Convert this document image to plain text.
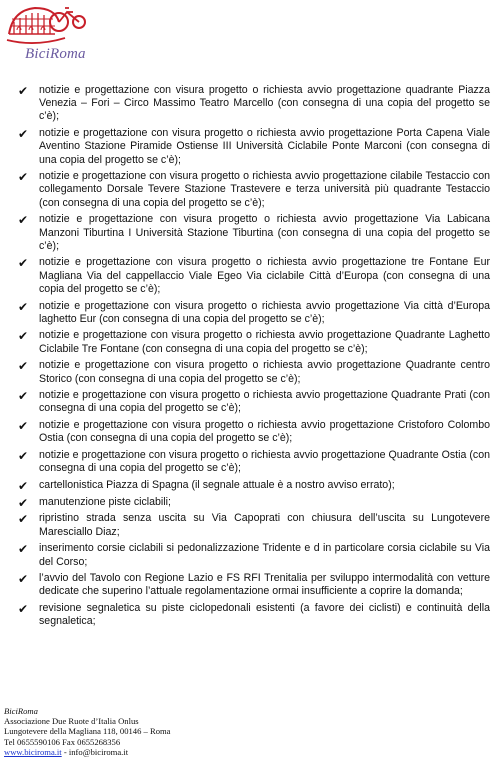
BiciRoma
✔ notizie e progettazione con visura progetto o richiesta avvio progettazione quadrante Piazza Venezia – Fori – Circo Massimo Teatro Marcello (con consegna di una copia del progetto se c’è);
✔ notizie e progettazione con visura progetto o richiesta avvio progettazione Porta Capena Viale Aventino Stazione Piramide Ostiense III Università Ciclabile Ponte Marconi (con consegna di una copia del progetto se c’è);
✔ notizie e progettazione con visura progetto o richiesta avvio progettazione cilabile Testaccio con collegamento Dorsale Tevere Stazione Trastevere e terza università più quadrante Testaccio (con consegna di una copia del progetto se c’è);
✔ notizie e progettazione con visura progetto o richiesta avvio progettazione Via Labicana Manzoni Tiburtina I Università Stazione Tiburtina (con consegna di una copia del progetto se c’è);
✔ notizie e progettazione con visura progetto o richiesta avvio progettazione tre Fontane Eur Magliana Via del cappellaccio Viale Egeo Via ciclabile Città d’Europa (con consegna di una copia del progetto se c’è);
✔ notizie e progettazione con visura progetto o richiesta avvio progettazione Via città d’Europa laghetto Eur (con consegna di una copia del progetto se c’è);
✔ notizie e progettazione con visura progetto o richiesta avvio progettazione Quadrante Laghetto Ciclabile Tre Fontane (con consegna di una copia del progetto se c’è);
✔ notizie e progettazione con visura progetto o richiesta avvio progettazione Quadrante centro Storico (con consegna di una copia del progetto se c’è);
✔ notizie e progettazione con visura progetto o richiesta avvio progettazione Quadrante Prati (con consegna di una copia del progetto se c’è);
✔ notizie e progettazione con visura progetto o richiesta avvio progettazione Cristoforo Colombo Ostia (con consegna di una copia del progetto se c’è);
✔ notizie e progettazione con visura progetto o richiesta avvio progettazione Quadrante Ostia (con consegna di una copia del progetto se c’è);
✔ cartellonistica Piazza di Spagna (il segnale attuale è a nostro avviso errato);
✔ manutenzione piste ciclabili;
✔ ripristino strada senza uscita su Via Capoprati con chiusura dell’uscita su Lungotevere Maresciallo Diaz;
✔ inserimento corsie ciclabili si pedonalizzazione Tridente e d in particolare corsia ciclabile su Via del Corso;
✔ l’avvio del Tavolo con Regione Lazio e FS RFI Trenitalia per sviluppo intermodalità con vetture dedicate che superino l’attuale regolamentazione ormai insufficiente a coprire la domanda;
✔ revisione segnaletica su piste ciclopedonali esistenti (a favore dei ciclisti) e continuità della segnaletica;
BiciRoma
Associazione Due Ruote d’Italia Onlus
Lungotevere della Magliana 118, 00146 – Roma
Tel 0655590106 Fax 0655268356
www.biciroma.it - info@biciroma.it
